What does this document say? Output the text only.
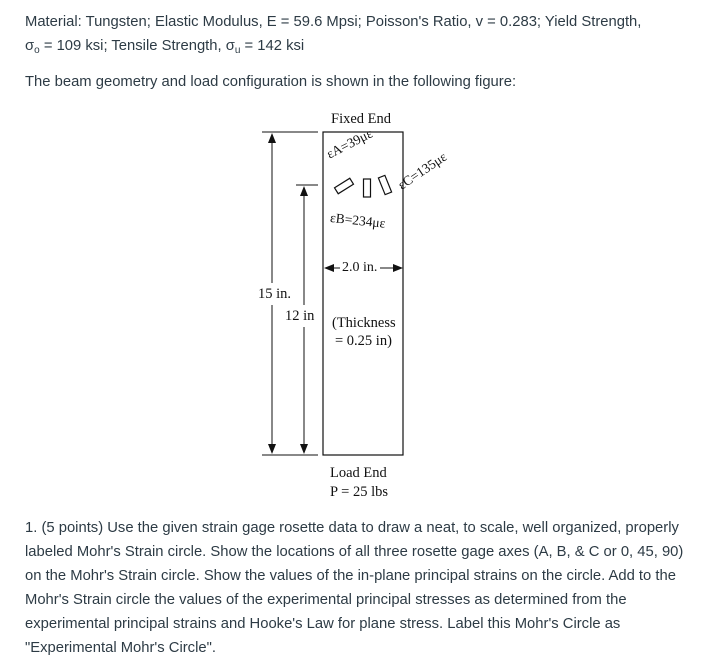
Material: Tungsten; Elastic Modulus, E = 59.6 Mpsi; Poisson's Ratio, v = 0.283; Yield Strength,
$\sigma_o = 109$ ksi; Tensile Strength, $\sigma_u = 142$ ksi
The beam geometry and load configuration is shown in the following figure:
Fixed End
εA=39με
εC=135με
εB=234με
2.0 in.
15 in.
12 in (Thickness
= 0.25 in)
Load End
P = 25 lbs
1. (5 points) Use the given strain gage rosette data to draw a neat, to scale, well organized, properly labeled Mohr's Strain circle. Show the locations of all three rosette gage axes (A, B, & C or 0, 45, 90) on the Mohr's Strain circle. Show the values of the in-plane principal strains on the circle. Add to the Mohr's Strain circle the values of the experimental principal stresses as determined from the experimental principal strains and Hooke's Law for plane stress. Label this Mohr's Circle as "Experimental Mohr's Circle".
